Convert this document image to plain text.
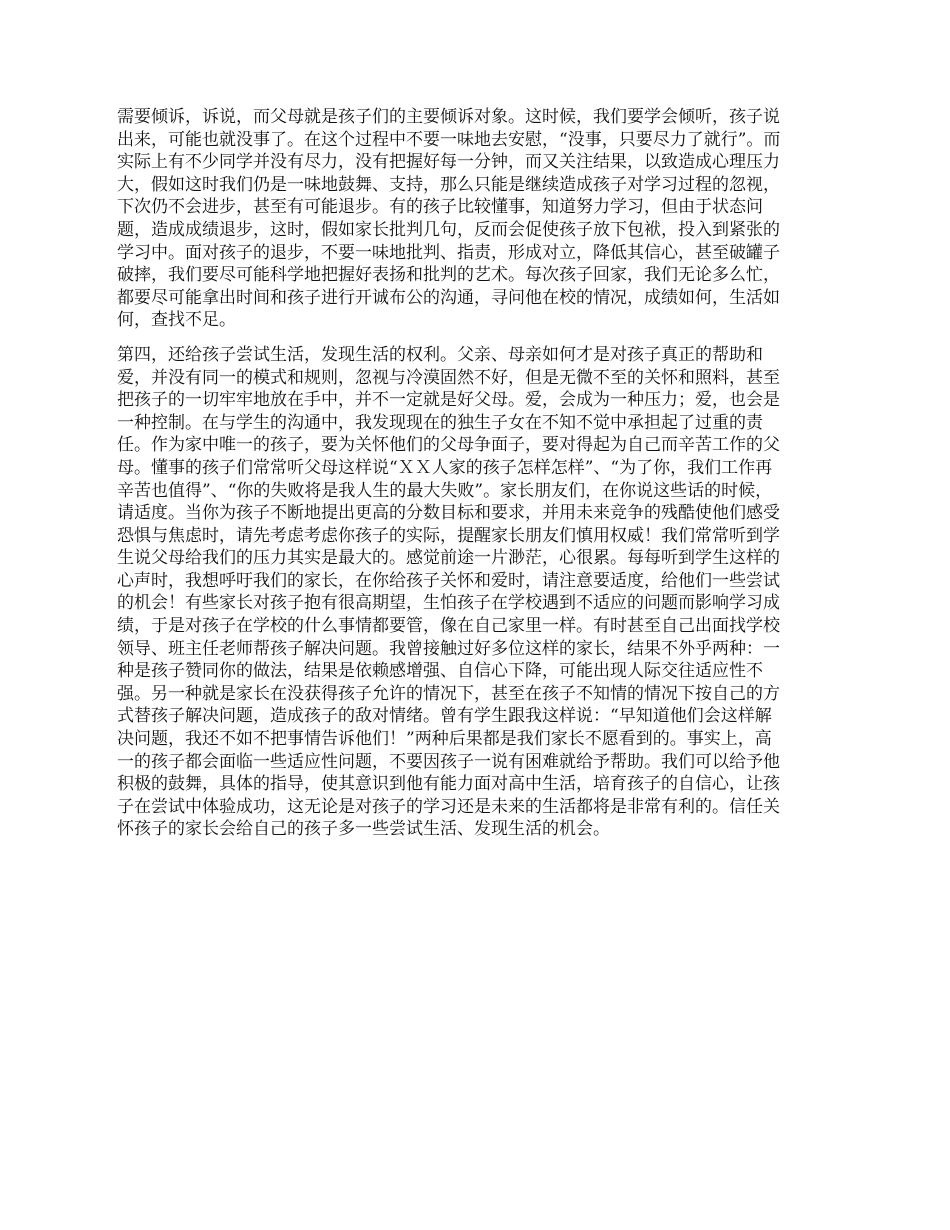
需要倾诉，诉说，而父母就是孩子们的主要倾诉对象。这时候，我们要学会倾听，孩子说
出来，可能也就没事了。在这个过程中不要一味地去安慰，“没事，只要尽力了就行”。而
实际上有不少同学并没有尽力，没有把握好每一分钟，而又关注结果，以致造成心理压力
大，假如这时我们仍是一味地鼓舞、支持，那么只能是继续造成孩子对学习过程的忽视，
下次仍不会进步，甚至有可能退步。有的孩子比较懂事，知道努力学习，但由于状态问
题，造成成绩退步，这时，假如家长批判几句，反而会促使孩子放下包袱，投入到紧张的
学习中。面对孩子的退步，不要一味地批判、指责，形成对立，降低其信心，甚至破罐子
破摔，我们要尽可能科学地把握好表扬和批判的艺术。每次孩子回家，我们无论多么忙，
都要尽可能拿出时间和孩子进行开诚布公的沟通，寻问他在校的情况，成绩如何，生活如
何，查找不足。
第四，还给孩子尝试生活，发现生活的权利。父亲、母亲如何才是对孩子真正的帮助和
爱，并没有同一的模式和规则，忽视与冷漠固然不好，但是无微不至的关怀和照料，甚至
把孩子的一切牢牢地放在手中，并不一定就是好父母。爱，会成为一种压力；爱，也会是
一种控制。在与学生的沟通中，我发现现在的独生子女在不知不觉中承担起了过重的责
任。作为家中唯一的孩子，要为关怀他们的父母争面子，要对得起为自己而辛苦工作的父
母。懂事的孩子们常常听父母这样说“ＸＸ人家的孩子怎样怎样”、“为了你，我们工作再
辛苦也值得”、“你的失败将是我人生的最大失败”。家长朋友们，在你说这些话的时候，
请适度。当你为孩子不断地提出更高的分数目标和要求，并用未来竞争的残酷使他们感受
恐惧与焦虑时，请先考虑考虑你孩子的实际，提醒家长朋友们慎用权威！我们常常听到学
生说父母给我们的压力其实是最大的。感觉前途一片渺茫，心很累。每每听到学生这样的
心声时，我想呼吁我们的家长，在你给孩子关怀和爱时，请注意要适度，给他们一些尝试
的机会！有些家长对孩子抱有很高期望，生怕孩子在学校遇到不适应的问题而影响学习成
绩，于是对孩子在学校的什么事情都要管，像在自己家里一样。有时甚至自己出面找学校
领导、班主任老师帮孩子解决问题。我曾接触过好多位这样的家长，结果不外乎两种：一
种是孩子赞同你的做法，结果是依赖感增强、自信心下降，可能出现人际交往适应性不
强。另一种就是家长在没获得孩子允许的情况下，甚至在孩子不知情的情况下按自己的方
式替孩子解决问题，造成孩子的敌对情绪。曾有学生跟我这样说：“早知道他们会这样解
决问题，我还不如不把事情告诉他们！”两种后果都是我们家长不愿看到的。事实上，高
一的孩子都会面临一些适应性问题，不要因孩子一说有困难就给予帮助。我们可以给予他
积极的鼓舞，具体的指导，使其意识到他有能力面对高中生活，培育孩子的自信心，让孩
子在尝试中体验成功，这无论是对孩子的学习还是未来的生活都将是非常有利的。信任关
怀孩子的家长会给自己的孩子多一些尝试生活、发现生活的机会。
